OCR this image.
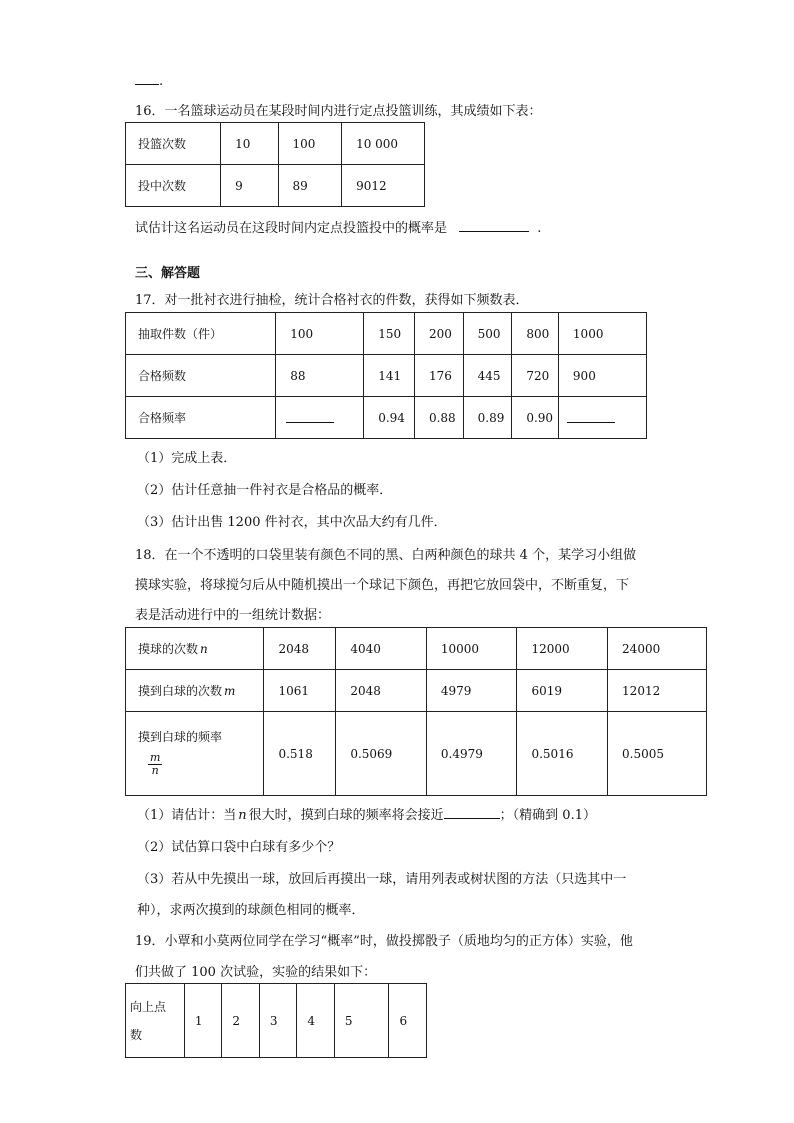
.
16．一名篮球运动员在某段时间内进行定点投篮训练，其成绩如下表：
投篮次数	10	100	10 000
投中次数	9	89	9012
试估计这名运动员在这段时间内定点投篮投中的概率是	.
三、解答题
17．对一批衬衣进行抽检，统计合格衬衣的件数，获得如下频数表．
抽取件数（件）	100	150	200	500	800	1000
合格频数	88	141	176	445	720	900
合格频率		0.94	0.88	0.89	0.90	
（1）完成上表．
（2）估计任意抽一件衬衣是合格品的概率．
（3）估计出售 1200 件衬衣，其中次品大约有几件．
18．在一个不透明的口袋里装有颜色不同的黑、白两种颜色的球共 4 个，某学习小组做
摸球实验，将球搅匀后从中随机摸出一个球记下颜色，再把它放回袋中，不断重复，下
表是活动进行中的一组统计数据：
摸球的次数 n	2048	4040	10000	12000	24000
摸到白球的次数 m	1061	2048	4979	6019	12012

摸到白球的频率
$\frac{m}{n}$	0.518	0.5069	0.4979	0.5016	0.5005
（1）请估计：当 n 很大时，摸到白球的频率将会接近	；（精确到 0.1）
（2）试估算口袋中白球有多少个？
（3）若从中先摸出一球，放回后再摸出一球，请用列表或树状图的方法（只选其中一
种），求两次摸到的球颜色相同的概率．
19．小覃和小莫两位同学在学习“概率”时，做投掷骰子（质地均匀的正方体）实验，他
们共做了 100 次试验，实验的结果如下：
向上点
数
	1	2	3	4	5	6
